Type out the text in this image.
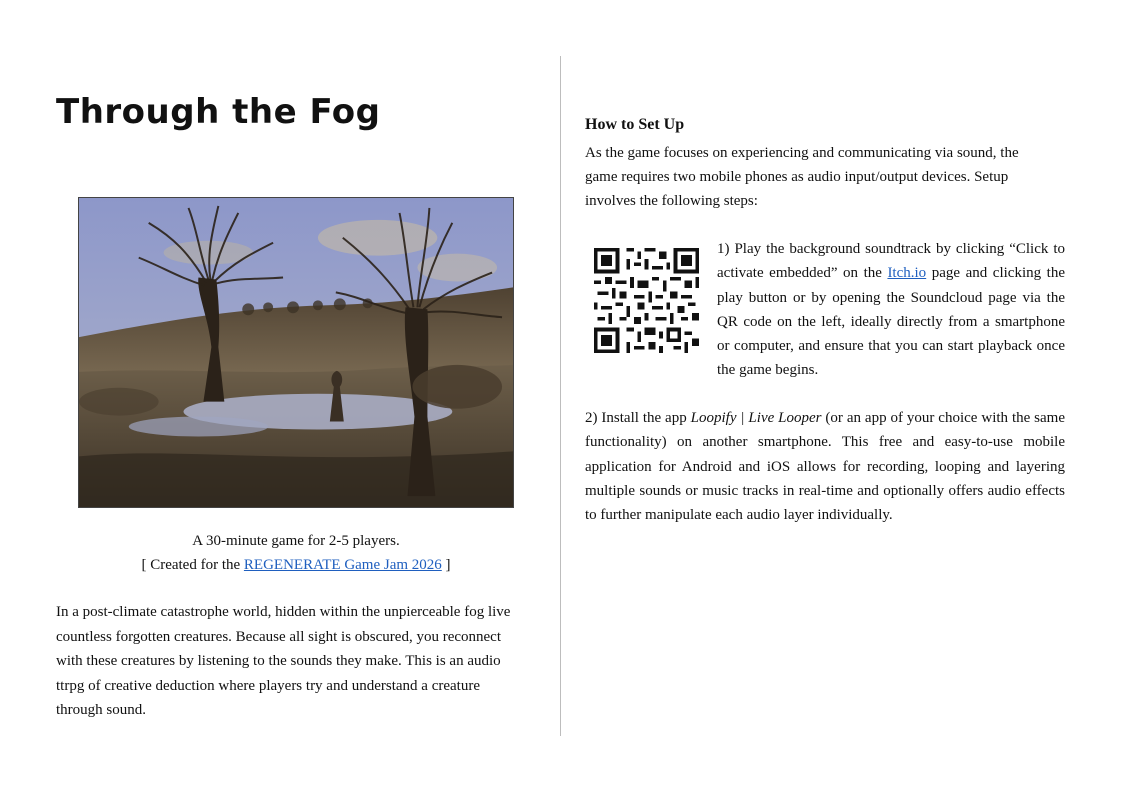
Through the Fog

A 30-minute game for 2-5 players.

[ Created for the REGENERATE Game Jam 2026 ]

In a post-climate catastrophe world, hidden within the unpierceable fog live countless forgotten creatures. Because all sight is obscured, you reconnect with these creatures by listening to the sounds they make. This is an audio ttrpg of creative deduction where players try and understand a creature through sound.

How to Set Up

As the game focuses on experiencing and communicating via sound, the game requires two mobile phones as audio input/output devices. Setup involves the following steps:

1) Play the background soundtrack by clicking “Click to activate embedded” on the Itch.io page and clicking the play button or by opening the Soundcloud page via the QR code on the left, ideally directly from a smartphone or computer, and ensure that you can start playback once the game begins.

2) Install the app Loopify | Live Looper (or an app of your choice with the same functionality) on another smartphone. This free and easy-to-use mobile application for Android and iOS allows for recording, looping and layering multiple sounds or music tracks in real-time and optionally offers audio effects to further manipulate each audio layer individually.
